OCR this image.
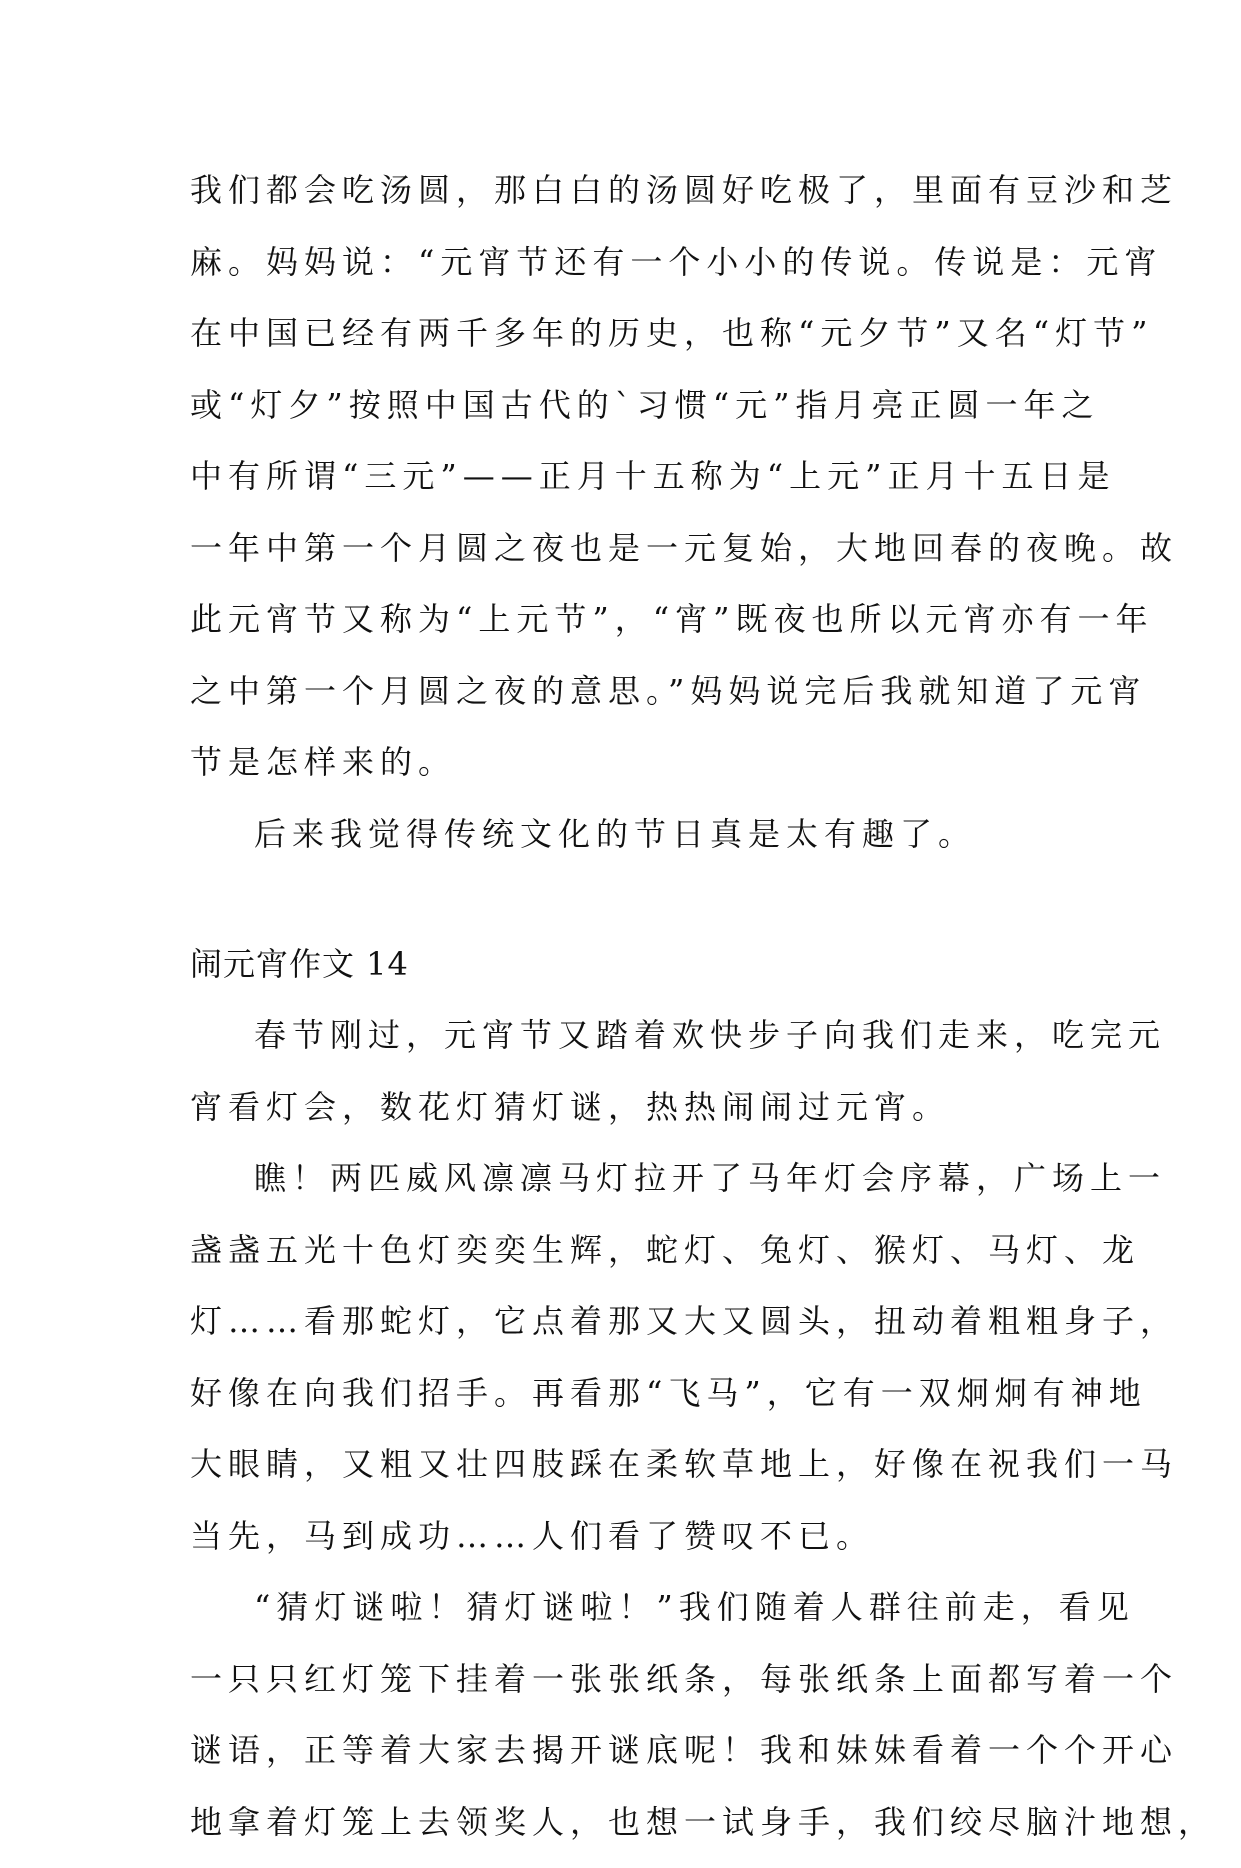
我们都会吃汤圆，那白白的汤圆好吃极了，里面有豆沙和芝
麻。妈妈说：“元宵节还有一个小小的传说。传说是：元宵
在中国已经有两千多年的历史，也称“元夕节”又名“灯节”
或“灯夕”按照中国古代的`习惯“元”指月亮正圆一年之
中有所谓“三元”——正月十五称为“上元”正月十五日是
一年中第一个月圆之夜也是一元复始，大地回春的夜晚。故
此元宵节又称为“上元节”，“宵”既夜也所以元宵亦有一年
之中第一个月圆之夜的意思。”妈妈说完后我就知道了元宵
节是怎样来的。
后来我觉得传统文化的节日真是太有趣了。
闹元宵作文 14
春节刚过，元宵节又踏着欢快步子向我们走来，吃完元
宵看灯会，数花灯猜灯谜，热热闹闹过元宵。
瞧！两匹威风凛凛马灯拉开了马年灯会序幕，广场上一
盏盏五光十色灯奕奕生辉，蛇灯、兔灯、猴灯、马灯、龙
灯……看那蛇灯，它点着那又大又圆头，扭动着粗粗身子，
好像在向我们招手。再看那“飞马”，它有一双炯炯有神地
大眼睛，又粗又壮四肢踩在柔软草地上，好像在祝我们一马
当先，马到成功……人们看了赞叹不已。
“猜灯谜啦！猜灯谜啦！”我们随着人群往前走，看见
一只只红灯笼下挂着一张张纸条，每张纸条上面都写着一个
谜语，正等着大家去揭开谜底呢！我和妹妹看着一个个开心
地拿着灯笼上去领奖人，也想一试身手，我们绞尽脑汁地想，
